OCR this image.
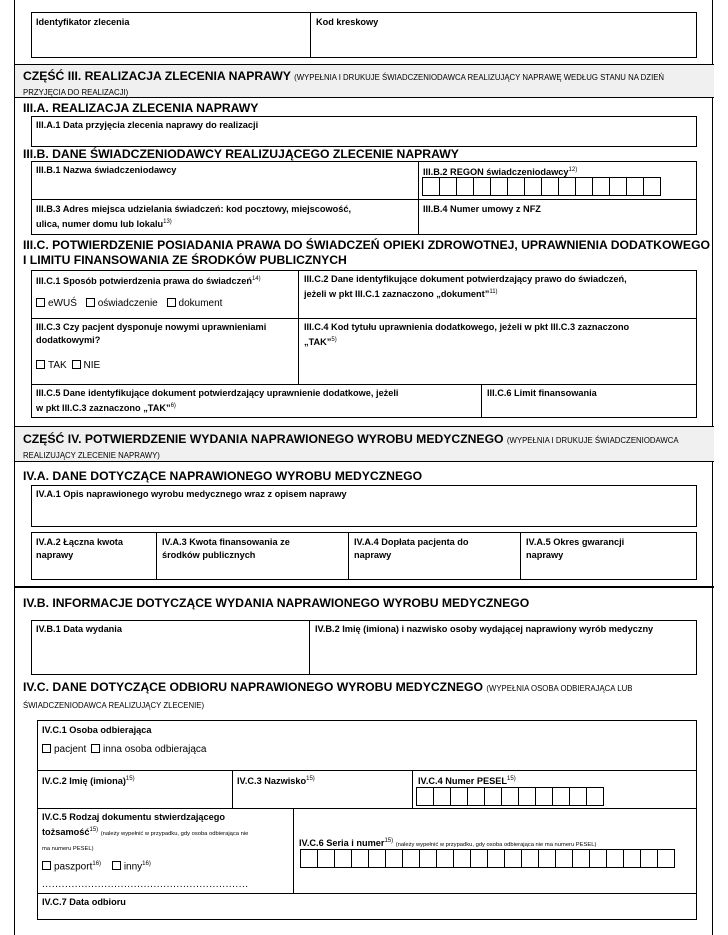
Identyfikator zlecenia	Kod kreskowy
CZĘŚĆ III. REALIZACJA ZLECENIA NAPRAWY (WYPEŁNIA I DRUKUJE ŚWIADCZENIODAWCA REALIZUJĄCY NAPRAWĘ WEDŁUG STANU NA DZIEŃ
PRZYJĘCIA DO REALIZACJI)
III.A. REALIZACJA ZLECENIA NAPRAWY
III.A.1 Data przyjęcia zlecenia naprawy do realizacji
III.B. DANE ŚWIADCZENIODAWCY REALIZUJĄCEGO ZLECENIE NAPRAWY
III.B.1 Nazwa świadczeniodawcy	III.B.2 REGON świadczeniodawcy$^{12)}$
III.B.3 Adres miejsca udzielania świadczeń: kod pocztowy, miejscowość,
ulica, numer domu lub lokalu$^{13)}$
III.B.4 Numer umowy z NFZ
III.C. POTWIERDZENIE POSIADANIA PRAWA DO ŚWIADCZEŃ OPIEKI ZDROWOTNEJ, UPRAWNIENIA DODATKOWEGO
I LIMITU FINANSOWANIA ZE ŚRODKÓW PUBLICZNYCH
III.C.1 Sposób potwierdzenia prawa do świadczeń$^{14)}$
eWUŚ oświadczenie dokument
III.C.2 Dane identyfikujące dokument potwierdzający prawo do świadczeń,
jeżeli w pkt III.C.1 zaznaczono „dokument”$^{11)}$
III.C.3 Czy pacjent dysponuje nowymi uprawnieniami
dodatkowymi?
TAK NIE
III.C.4 Kod tytułu uprawnienia dodatkowego, jeżeli w pkt III.C.3 zaznaczono
„TAK”$^{5)}$
III.C.5 Dane identyfikujące dokument potwierdzający uprawnienie dodatkowe, jeżeli
w pkt III.C.3 zaznaczono „TAK”$^{6)}$
III.C.6 Limit finansowania
CZĘŚĆ IV. POTWIERDZENIE WYDANIA NAPRAWIONEGO WYROBU MEDYCZNEGO (WYPEŁNIA I DRUKUJE ŚWIADCZENIODAWCA
REALIZUJĄCY ZLECENIE NAPRAWY)
IV.A. DANE DOTYCZĄCE NAPRAWIONEGO WYROBU MEDYCZNEGO
IV.A.1 Opis naprawionego wyrobu medycznego wraz z opisem naprawy
IV.A.2 Łączna kwota
naprawy
IV.A.3 Kwota finansowania ze
środków publicznych
IV.A.4 Dopłata pacjenta do
naprawy
IV.A.5 Okres gwarancji
naprawy
IV.B. INFORMACJE DOTYCZĄCE WYDANIA NAPRAWIONEGO WYROBU MEDYCZNEGO
IV.B.1 Data wydania	IV.B.2 Imię (imiona) i nazwisko osoby wydającej naprawiony wyrób medyczny
IV.C. DANE DOTYCZĄCE ODBIORU NAPRAWIONEGO WYROBU MEDYCZNEGO (WYPEŁNIA OSOBA ODBIERAJĄCA LUB
ŚWIADCZENIODAWCA REALIZUJĄCY ZLECENIE)
IV.C.1 Osoba odbierająca
pacjent inna osoba odbierająca
IV.C.2 Imię (imiona)$^{15)}$	IV.C.3 Nazwisko$^{15)}$	IV.C.4 Numer PESEL$^{15)}$
IV.C.5 Rodzaj dokumentu stwierdzającego
tożsamość$^{15)}$ (należy wypełnić w przypadku, gdy osoba odbierająca nie
ma numeru PESEL)
paszport$^{16)}$ inny$^{16)}$
...............................................................
IV.C.6 Seria i numer$^{15)}$ (należy wypełnić w przypadku, gdy osoba odbierająca nie ma numeru PESEL)
IV.C.7 Data odbioru
